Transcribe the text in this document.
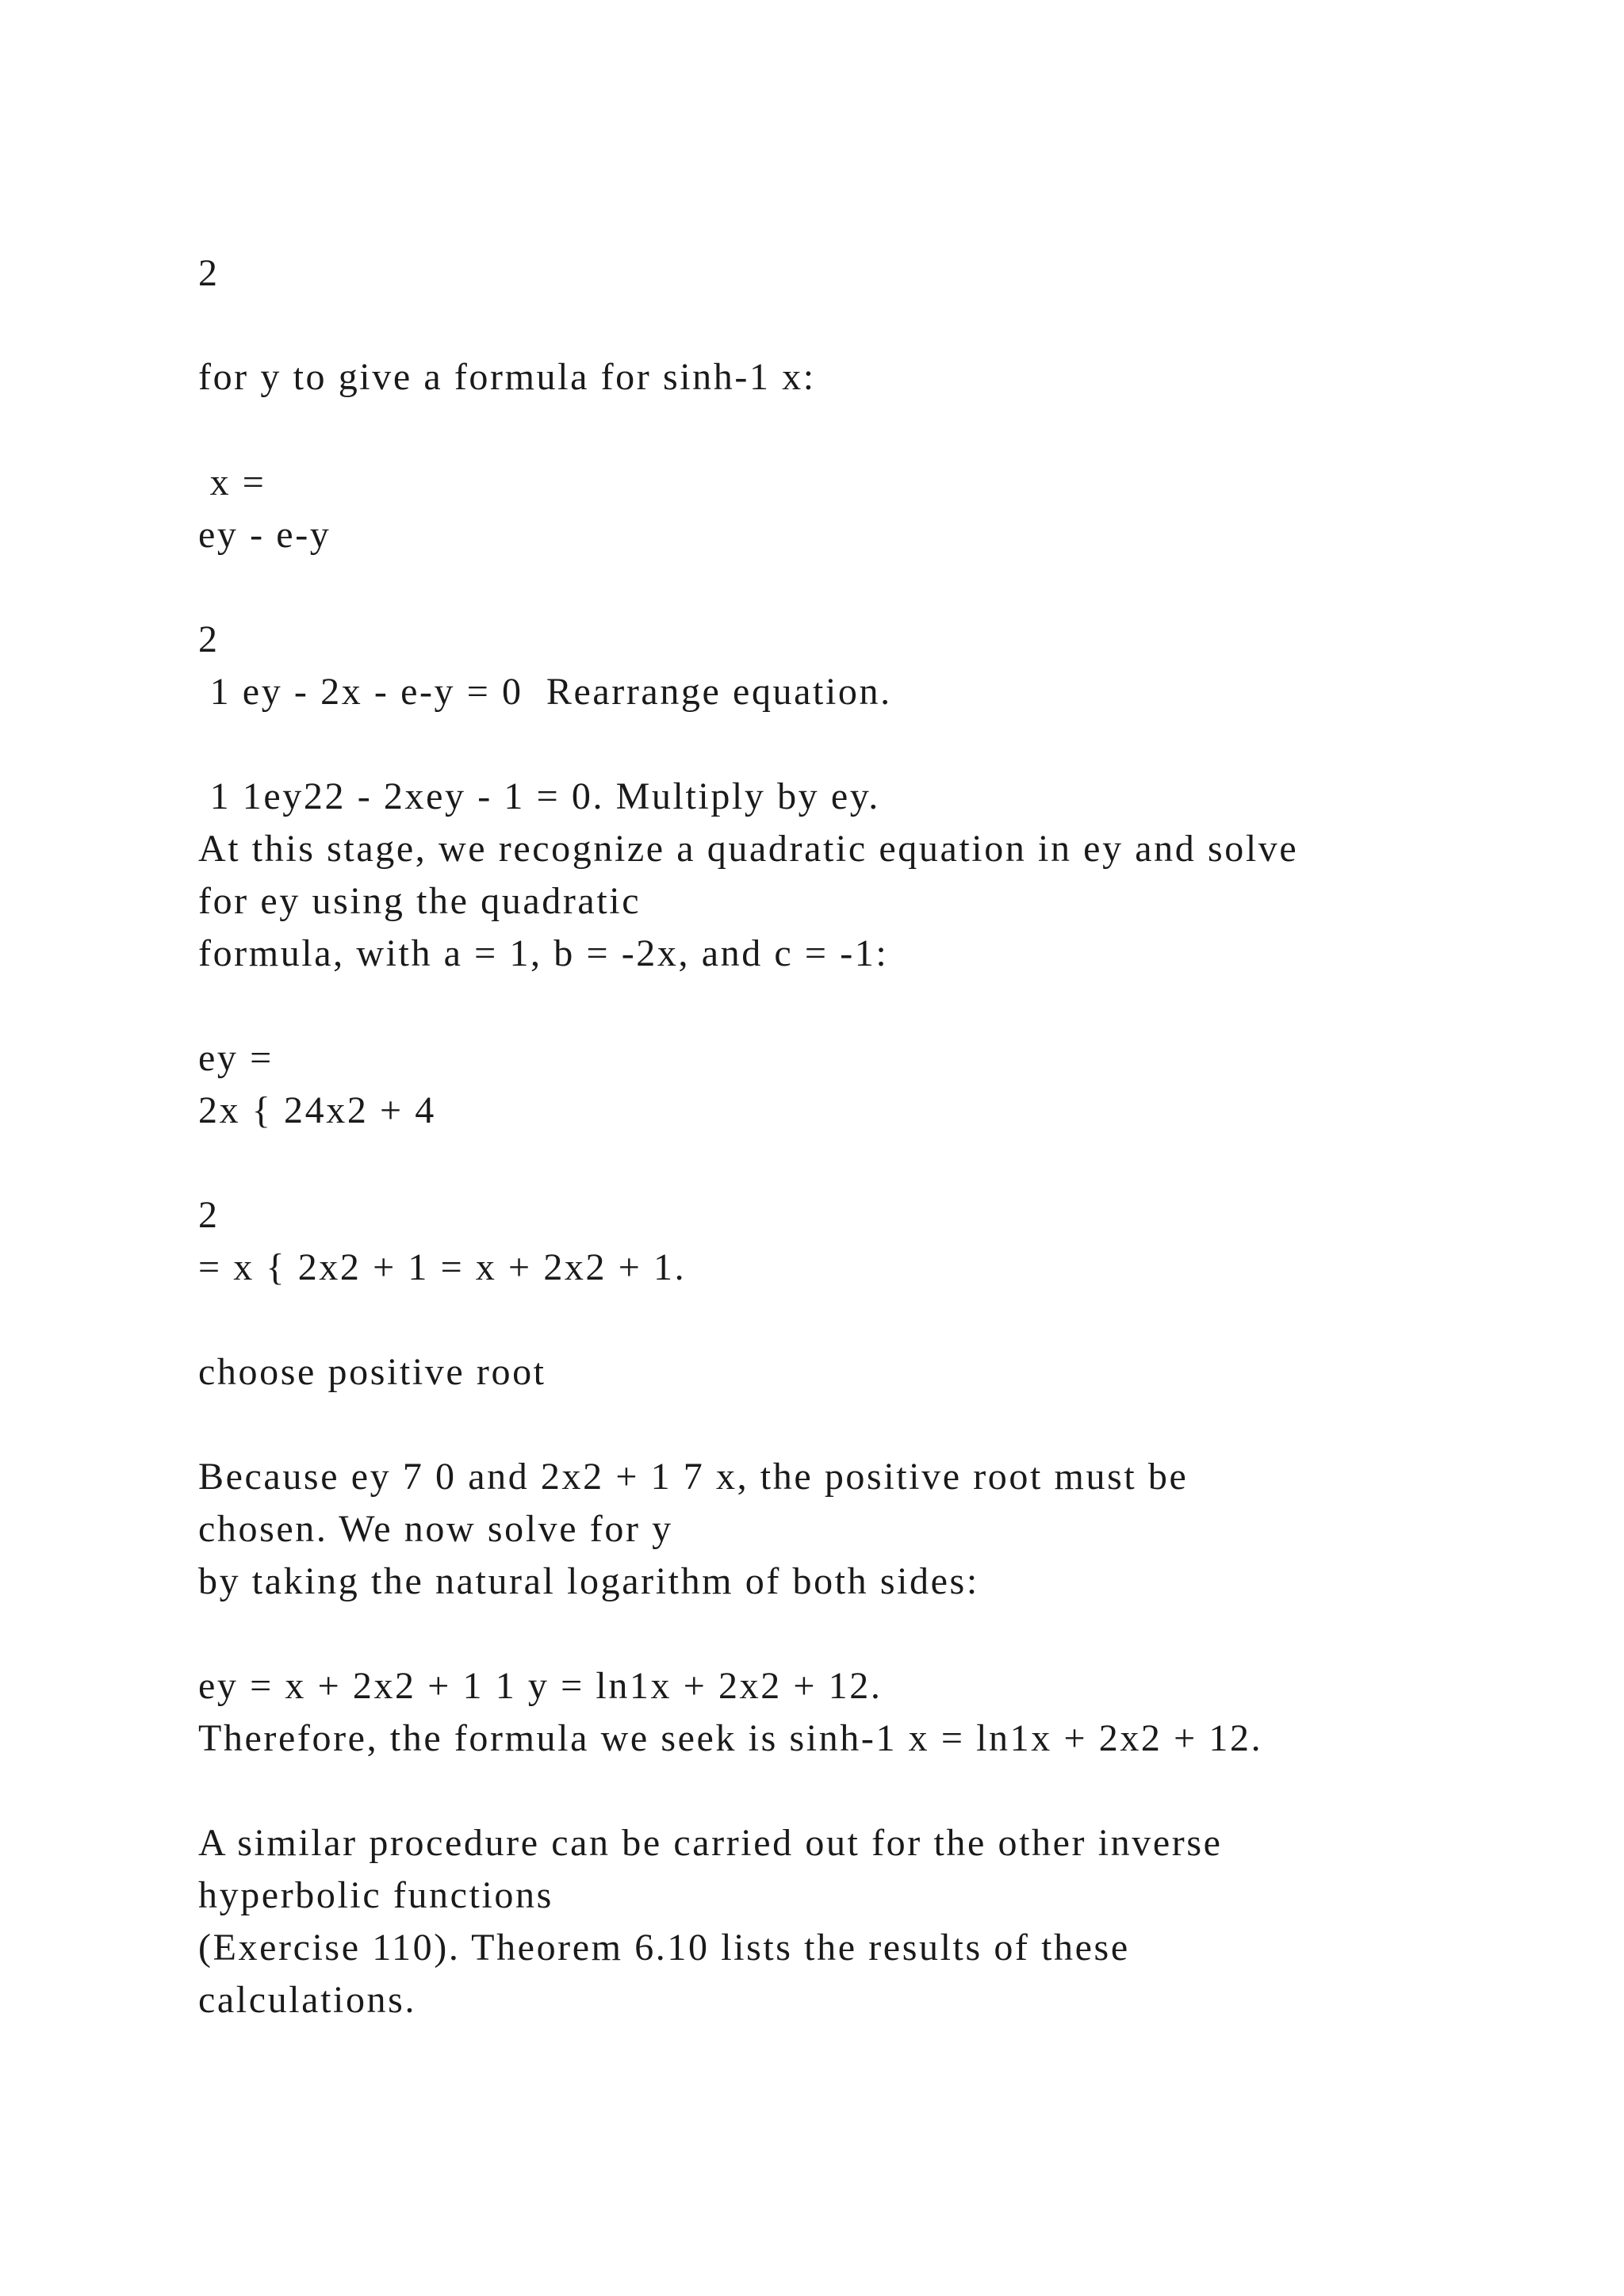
2

for y to give a formula for sinh-1 x:

x =

ey - e-y

2

1 ey - 2x - e-y = 0  Rearrange equation.

1 1ey22 - 2xey - 1 = 0. Multiply by ey.

At this stage, we recognize a quadratic equation in ey and solve

for ey using the quadratic

formula, with a = 1, b = -2x, and c = -1:

ey =

2x { 24x2 + 4

2

= x { 2x2 + 1 = x + 2x2 + 1.

choose positive root

Because ey 7 0 and 2x2 + 1 7 x, the positive root must be

chosen. We now solve for y

by taking the natural logarithm of both sides:

ey = x + 2x2 + 1 1 y = ln1x + 2x2 + 12.

Therefore, the formula we seek is sinh-1 x = ln1x + 2x2 + 12.

A similar procedure can be carried out for the other inverse

hyperbolic functions

(Exercise 110). Theorem 6.10 lists the results of these

calculations.
